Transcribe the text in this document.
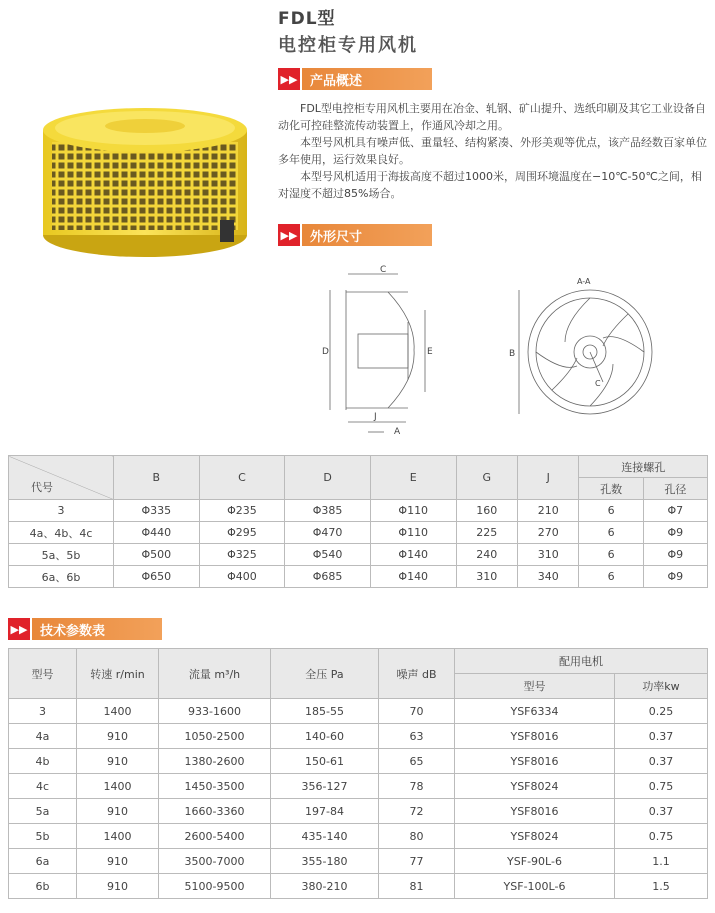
FDL型
电控柜专用风机
▶▶ 产品概述

FDL型电控柜专用风机主要用在冶金、轧钢、矿山提升、选纸印刷及其它工业设备自动化可控硅整流传动装置上，作通风冷却之用。

本型号风机具有噪声低、重量轻、结构紧凑、外形美观等优点，该产品经数百家单位多年使用，运行效果良好。

本型号风机适用于海拔高度不超过1000米，周围环境温度在−10℃-50℃之间，相对湿度不超过85%场合。

▶▶ 外形尺寸
C
D	E
J
A
A-A
B
C
代号	B	C	D	E	G	J	连接螺孔	
							孔数	孔径
3	Φ335	Φ235	Φ385	Φ110	160	210	6	Φ7
4a、4b、4c	Φ440	Φ295	Φ470	Φ110	225	270	6	Φ9
5a、5b	Φ500	Φ325	Φ540	Φ140	240	310	6	Φ9
6a、6b	Φ650	Φ400	Φ685	Φ140	310	340	6	Φ9
▶▶ 技术参数表
型号	转速 r/min	流量 m³/h	全压 Pa	噪声 dB	配用电机	
					型号	功率kw
3	1400	933-1600	185-55	70	YSF6334	0.25
4a	910	1050-2500	140-60	63	YSF8016	0.37
4b	910	1380-2600	150-61	65	YSF8016	0.37
4c	1400	1450-3500	356-127	78	YSF8024	0.75
5a	910	1660-3360	197-84	72	YSF8016	0.37
5b	1400	2600-5400	435-140	80	YSF8024	0.75
6a	910	3500-7000	355-180	77	YSF-90L-6	1.1
6b	910	5100-9500	380-210	81	YSF-100L-6	1.5
